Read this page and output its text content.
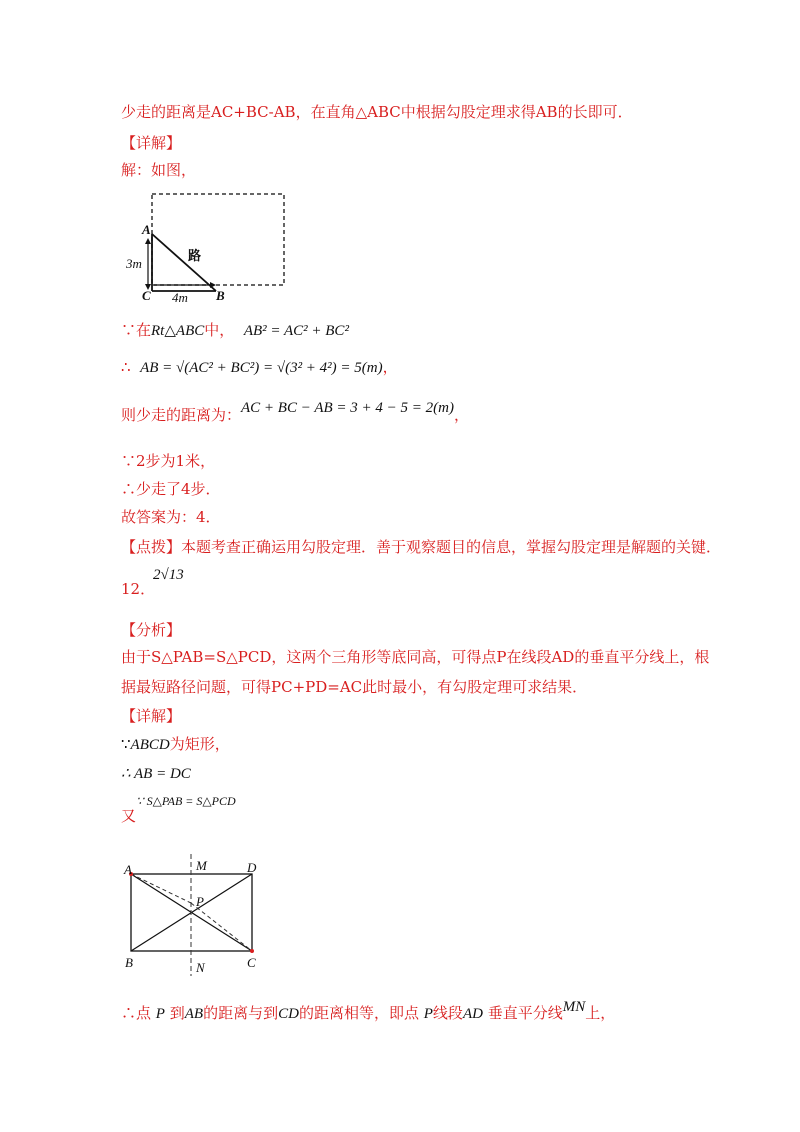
少走的距离是AC+BC-AB，在直角△ABC中根据勾股定理求得AB的长即可．
【详解】
解：如图，
A
C	B
3m
4m
路
∵在Rt△ABC中， AB² = AC² + BC²
∴ AB = √(AC² + BC²) = √(3² + 4²) = 5(m)，
则少走的距离为：AC + BC − AB = 3 + 4 − 5 = 2(m)，
∵2步为1米，
∴少走了4步．
故答案为：4．
【点拨】本题考查正确运用勾股定理．善于观察题目的信息，掌握勾股定理是解题的关键．
12．
2√13
【分析】
由于S△PAB=S△PCD，这两个三角形等底同高，可得点P在线段AD的垂直平分线上，根
据最短路径问题，可得PC+PD=AC此时最小，有勾股定理可求结果．
【详解】
∵ABCD为矩形，
∴ AB = DC
又
∵ S△PAB = S△PCD
A	D
B	C
M
N
P
∴点 P 到AB的距离与到CD的距离相等，即点 P线段AD 垂直平分线MN上，
